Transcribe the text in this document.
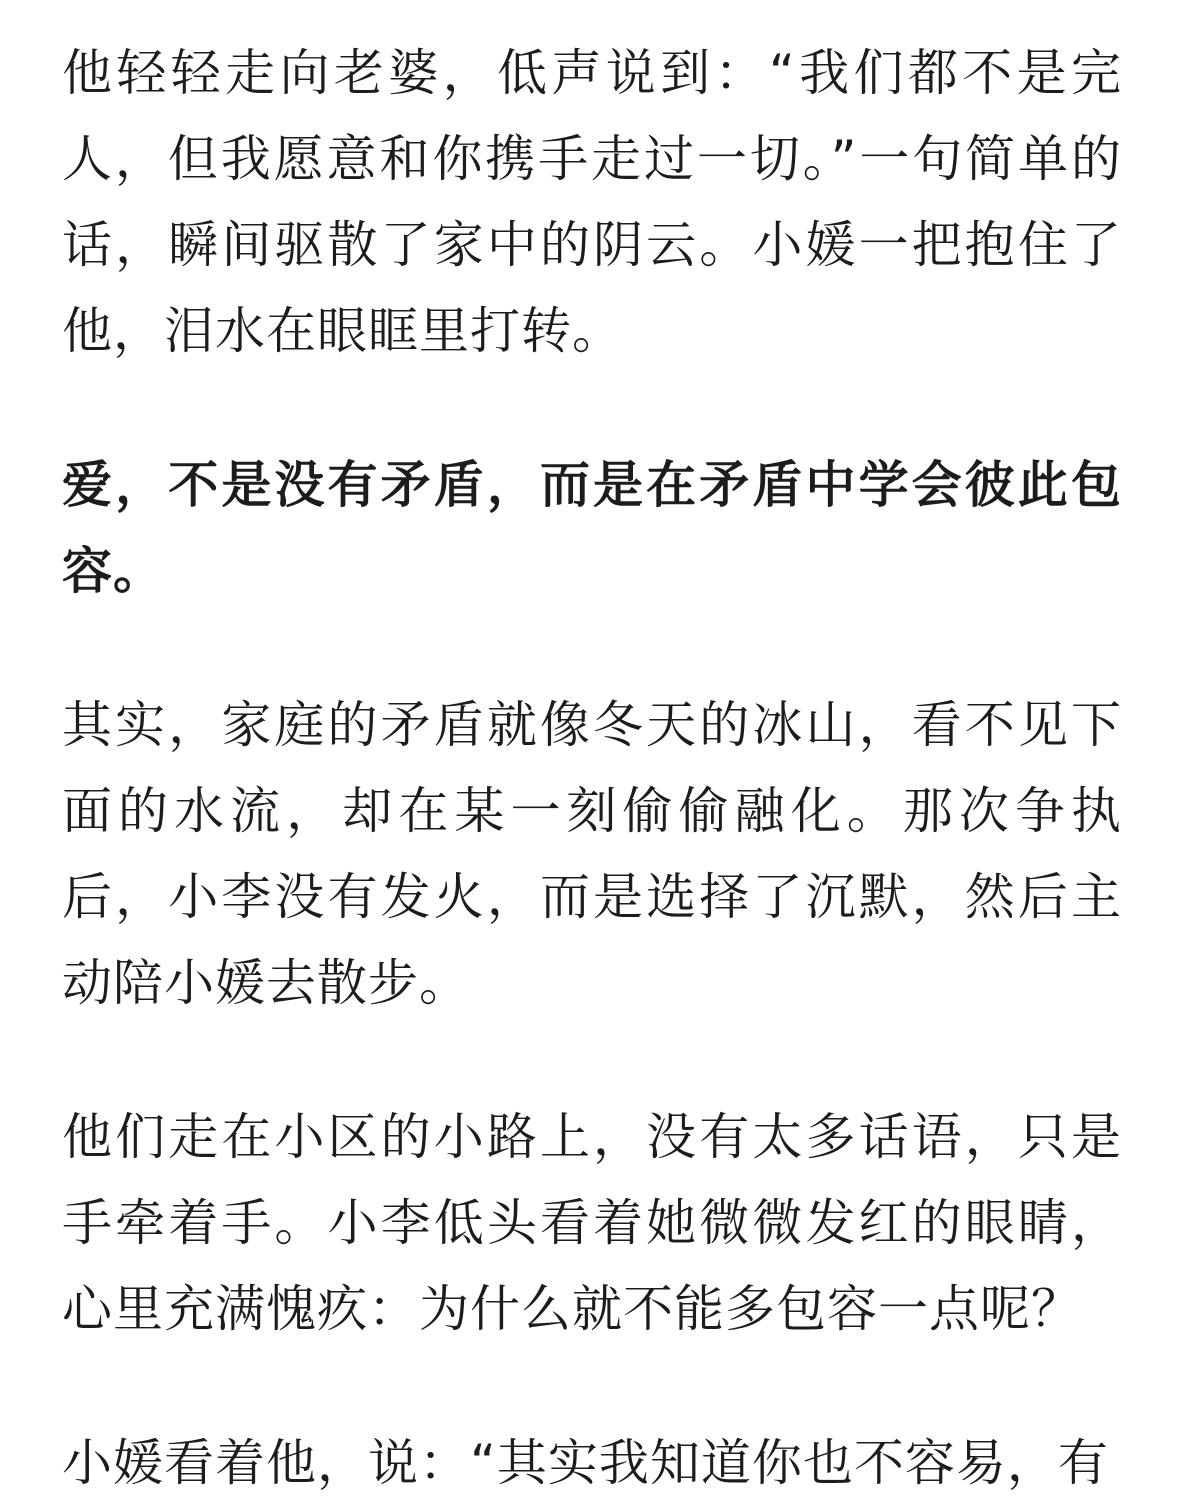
他轻轻走向老婆，低声说到：“我们都不是完人，但我愿意和你携手走过一切。”一句简单的话，瞬间驱散了家中的阴云。小媛一把抱住了他，泪水在眼眶里打转。

爱，不是没有矛盾，而是在矛盾中学会彼此包容。

其实，家庭的矛盾就像冬天的冰山，看不见下面的水流，却在某一刻偷偷融化。那次争执后，小李没有发火，而是选择了沉默，然后主动陪小媛去散步。

他们走在小区的小路上，没有太多话语，只是手牵着手。小李低头看着她微微发红的眼睛，心里充满愧疚：为什么就不能多包容一点呢？

小媛看着他，说：“其实我知道你也不容易，有
